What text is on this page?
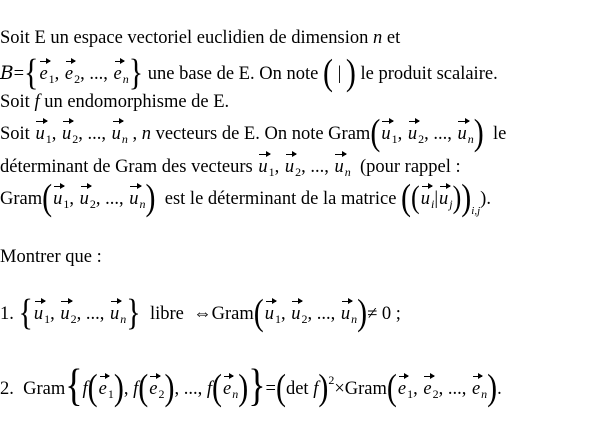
Soit E un espace vectoriel euclidien de dimension n et
$B=\{e_1$, $e_2$, ..., $e_n$} une base de E. On note ( | ) le produit scalaire.
Soit f un endomorphisme de E.
Soit $u_1$, $u_2$, ..., $u_n$ , n vecteurs de E. On note $Gram(u_1$, $u_2$, ..., $u_n$) le
déterminant de Gram des vecteurs $u_1$, $u_2$, ..., $u_n$ (pour rappel :
$Gram(u_1$, $u_2$, ..., $u_n$) est le déterminant de la matrice $((u_i|u_j))_{i,j}$).
Montrer que :
1. {$u_1$, $u_2$, ..., $u_n$} libre  $\Leftrightarrow Gram(u_1$, $u_2$, ..., $u_n)\ne 0$ ;
2. $Gram\{f(e_1)$, $f(e_2)$, ..., $f(e_n)\}=(\det$ $f)^2\times Gram(e_1$, $e_2$, ..., $e_n$).
